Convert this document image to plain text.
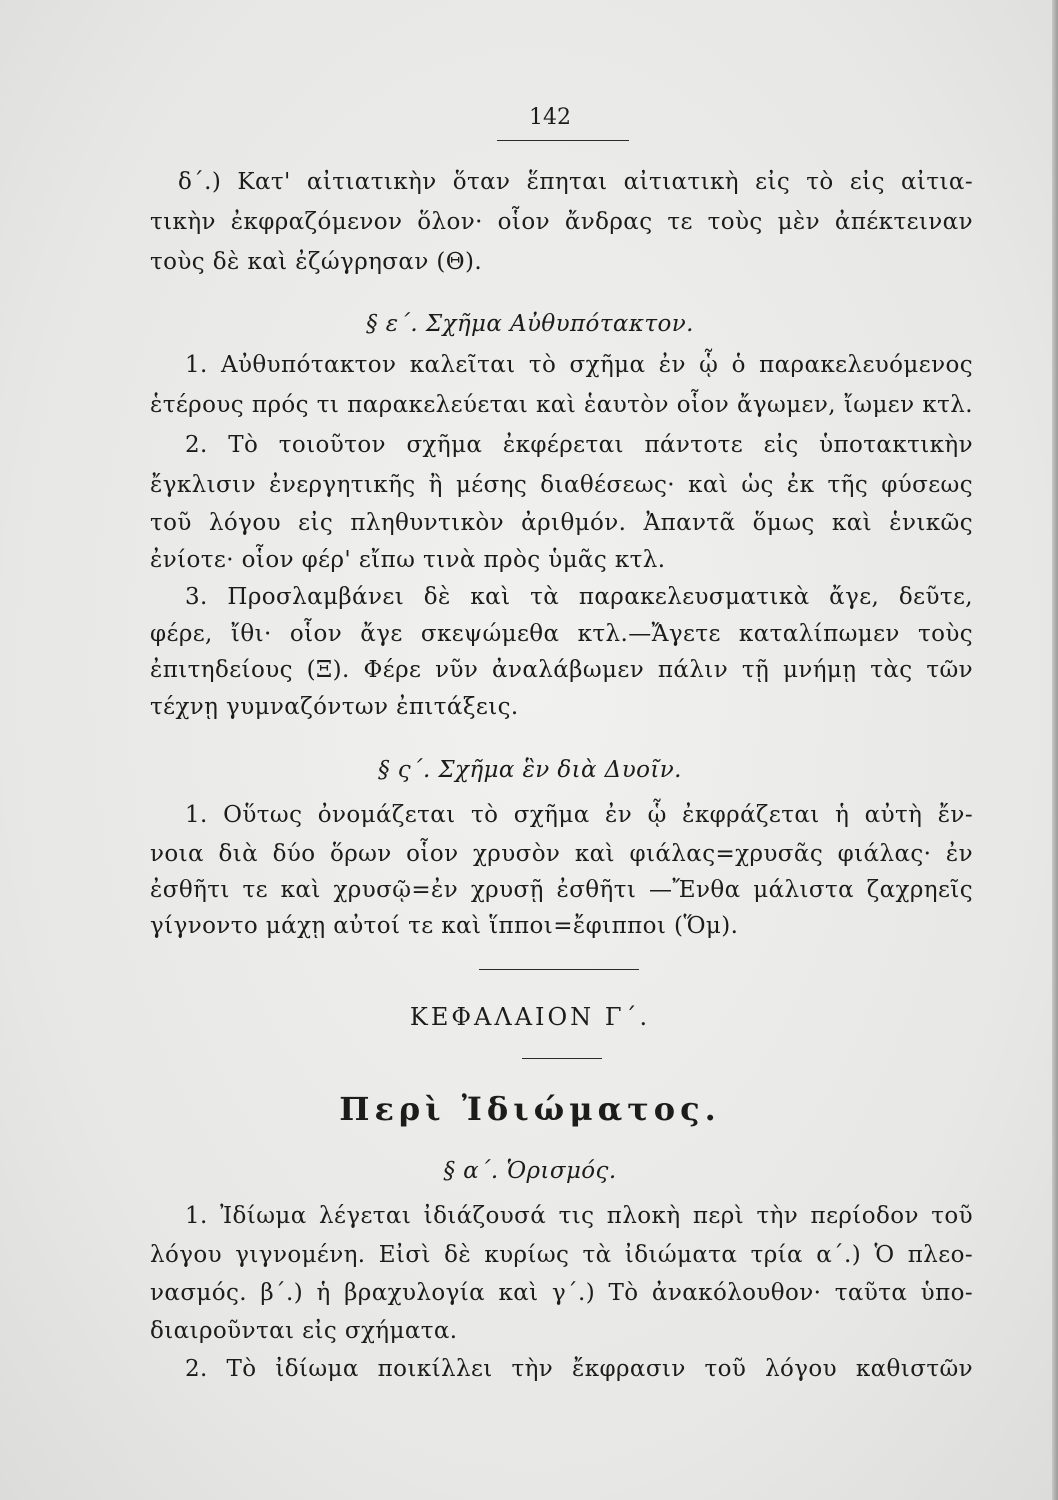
142
δ΄.) Κατ' αἰτιατικὴν ὅταν ἕπηται αἰτιατικὴ εἰς τὸ εἰς αἰτια-
τικὴν ἐκφραζόμενον ὅλον· οἷον ἄνδρας τε τοὺς μὲν ἀπέκτειναν
τοὺς δὲ καὶ ἐζώγρησαν (Θ).
§ ε΄. Σχῆμα Αὐθυπότακτον.
1. Αὐθυπότακτον καλεῖται τὸ σχῆμα ἐν ᾧ ὁ παρακελευόμενος
ἑτέρους πρός τι παρακελεύεται καὶ ἑαυτὸν οἷον ἄγωμεν, ἴωμεν κτλ.
2. Τὸ τοιοῦτον σχῆμα ἐκφέρεται πάντοτε εἰς ὑποτακτικὴν
ἔγκλισιν ἐνεργητικῆς ἢ μέσης διαθέσεως· καὶ ὡς ἐκ τῆς φύσεως
τοῦ λόγου εἰς πληθυντικὸν ἀριθμόν. Ἀπαντᾶ ὅμως καὶ ἑνικῶς
ἐνίοτε· οἷον φέρ' εἴπω τινὰ πρὸς ὑμᾶς κτλ.
3. Προσλαμβάνει δὲ καὶ τὰ παρακελευσματικὰ ἄγε, δεῦτε,
φέρε, ἴθι· οἷον ἄγε σκεψώμεθα κτλ.—Ἄγετε καταλίπωμεν τοὺς
ἐπιτηδείους (Ξ). Φέρε νῦν ἀναλάβωμεν πάλιν τῇ μνήμῃ τὰς τῶν
τέχνῃ γυμναζόντων ἐπιτάξεις.
§ ς΄. Σχῆμα ἓν διὰ Δυοῖν.
1. Οὕτως ὀνομάζεται τὸ σχῆμα ἐν ᾧ ἐκφράζεται ἡ αὐτὴ ἔν-
νοια διὰ δύο ὅρων οἷον χρυσὸν καὶ φιάλας=χρυσᾶς φιάλας· ἐν
ἐσθῆτι τε καὶ χρυσῷ=ἐν χρυσῇ ἐσθῆτι —Ἔνθα μάλιστα ζαχρηεῖς
γίγνοντο μάχῃ αὐτοί τε καὶ ἵπποι=ἔφιπποι (Ὅμ).
ΚΕΦΑΛΑΙΟΝ Γ΄.
Περὶ Ἰδιώματος.
§ α΄. Ὁρισμός.
1. Ἰδίωμα λέγεται ἰδιάζουσά τις πλοκὴ περὶ τὴν περίοδον τοῦ
λόγου γιγνομένη. Εἰσὶ δὲ κυρίως τὰ ἰδιώματα τρία α΄.) Ὁ πλεο-
νασμός. β΄.) ἡ βραχυλογία καὶ γ΄.) Τὸ ἀνακόλουθον· ταῦτα ὑπο-
διαιροῦνται εἰς σχήματα.
2. Τὸ ἰδίωμα ποικίλλει τὴν ἔκφρασιν τοῦ λόγου καθιστῶν
